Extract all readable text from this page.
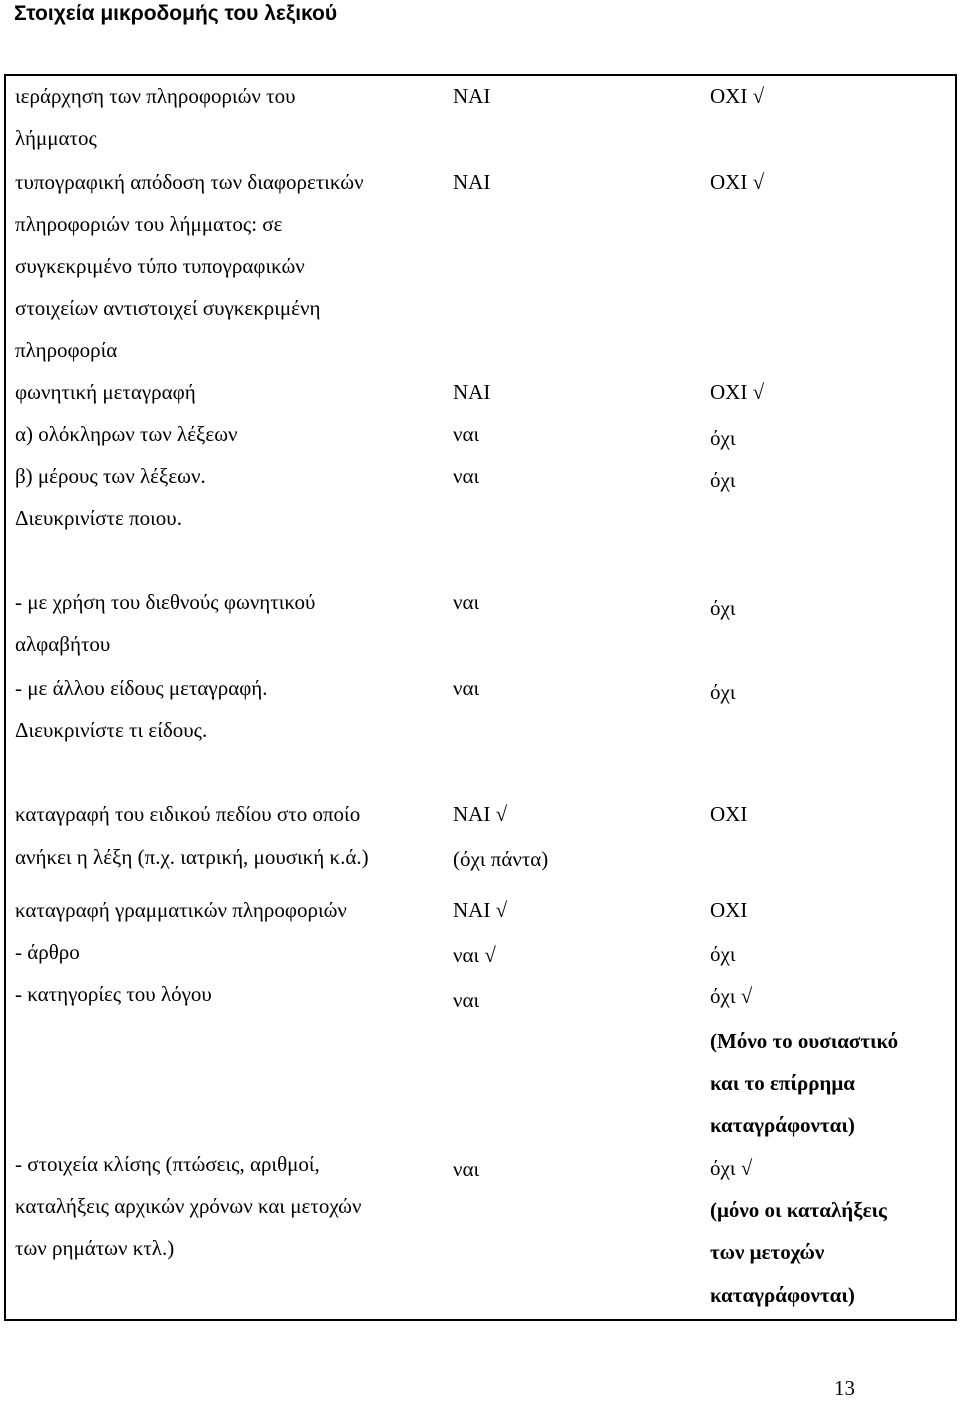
Στοιχεία μικροδομής του λεξικού
ιεράρχηση των πληροφοριών του
λήμματος
ΝΑΙ	ΟΧΙ √
τυπογραφική απόδοση των διαφορετικών
πληροφοριών του λήμματος: σε
συγκεκριμένο τύπο τυπογραφικών
στοιχείων αντιστοιχεί συγκεκριμένη
πληροφορία
ΝΑΙ	ΟΧΙ √
φωνητική μεταγραφή
α) ολόκληρων των λέξεων
β) μέρους των λέξεων.
Διευκρινίστε ποιου.
- με χρήση του διεθνούς φωνητικού
αλφαβήτου
- με άλλου είδους μεταγραφή.
Διευκρινίστε τι είδους.
ΝΑΙ
ναι
ναι
ναι
ναι
ΟΧΙ √
όχι
όχι
όχι
όχι
καταγραφή του ειδικού πεδίου στο οποίο
ανήκει η λέξη (π.χ. ιατρική, μουσική κ.ά.)
ΝΑΙ √
(όχι πάντα)
ΟΧΙ
καταγραφή γραμματικών πληροφοριών
- άρθρο
- κατηγορίες του λόγου
- στοιχεία κλίσης (πτώσεις, αριθμοί,
καταλήξεις αρχικών χρόνων και μετοχών
των ρημάτων κτλ.)
ΝΑΙ √
ναι √
ναι
ναι
ΟΧΙ
όχι
όχι √
(Μόνο το ουσιαστικό
και το επίρρημα
καταγράφονται)
όχι √
(μόνο οι καταλήξεις
των μετοχών
καταγράφονται)
13
